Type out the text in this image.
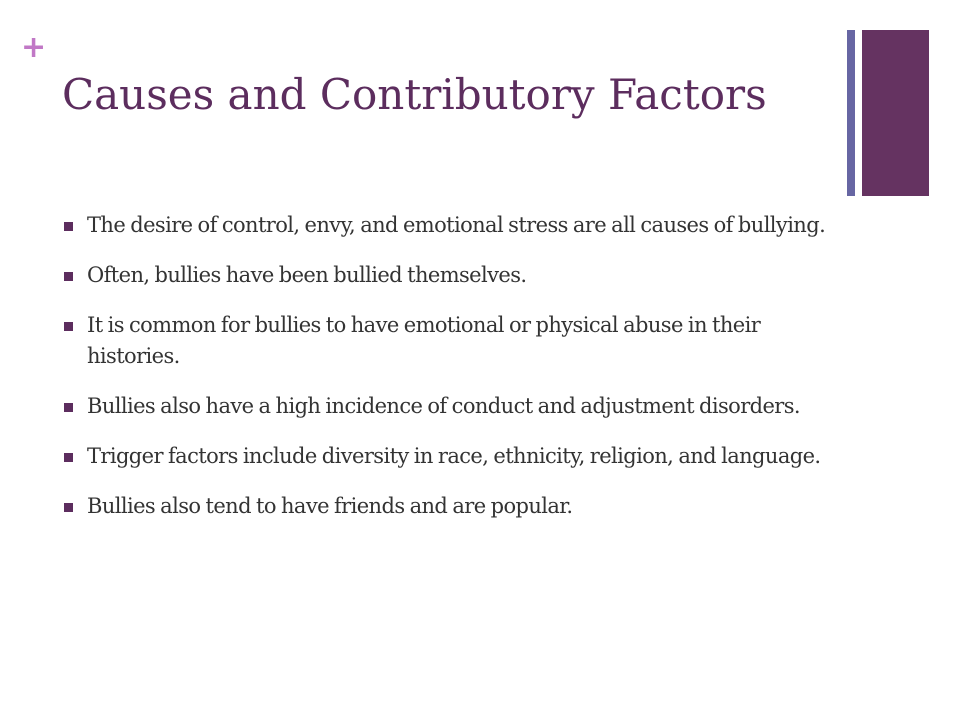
+
Causes and Contributory Factors
The desire of control, envy, and emotional stress are all causes of bullying.
Often, bullies have been bullied themselves.
It is common for bullies to have emotional or physical abuse in their histories.
Bullies also have a high incidence of conduct and adjustment disorders.
Trigger factors include diversity in race, ethnicity, religion, and language.
Bullies also tend to have friends and are popular.
